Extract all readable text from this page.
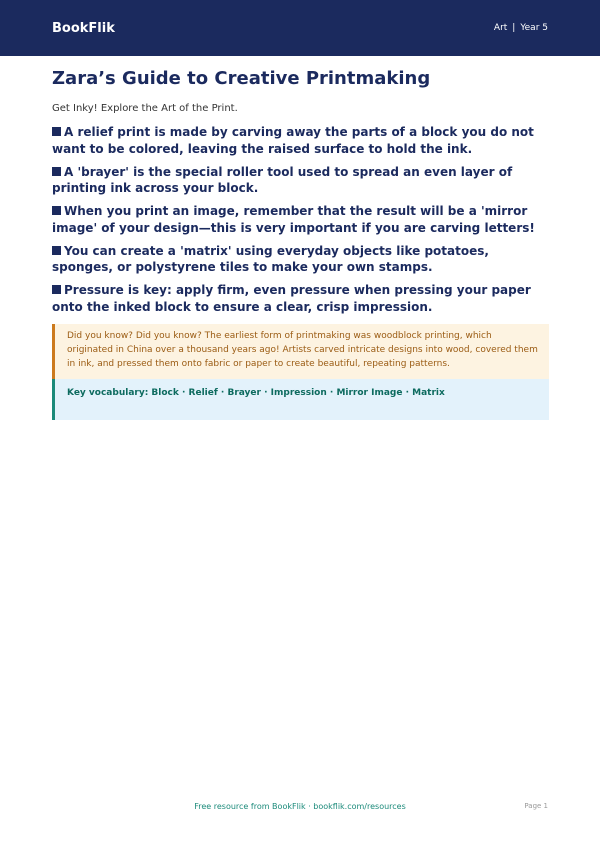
BookFlik	Art | Year 5
Zara’s Guide to Creative Printmaking
Get Inky! Explore the Art of the Print.
A relief print is made by carving away the parts of a block you do not want to be colored, leaving the raised surface to hold the ink.
A 'brayer' is the special roller tool used to spread an even layer of printing ink across your block.
When you print an image, remember that the result will be a 'mirror image' of your design—this is very important if you are carving letters!
You can create a 'matrix' using everyday objects like potatoes, sponges, or polystyrene tiles to make your own stamps.
Pressure is key: apply firm, even pressure when pressing your paper onto the inked block to ensure a clear, crisp impression.
Did you know? Did you know? The earliest form of printmaking was woodblock printing, which originated in China over a thousand years ago! Artists carved intricate designs into wood, covered them in ink, and pressed them onto fabric or paper to create beautiful, repeating patterns.
Key vocabulary: Block · Relief · Brayer · Impression · Mirror Image · Matrix
Free resource from BookFlik · bookflik.com/resources	Page 1
